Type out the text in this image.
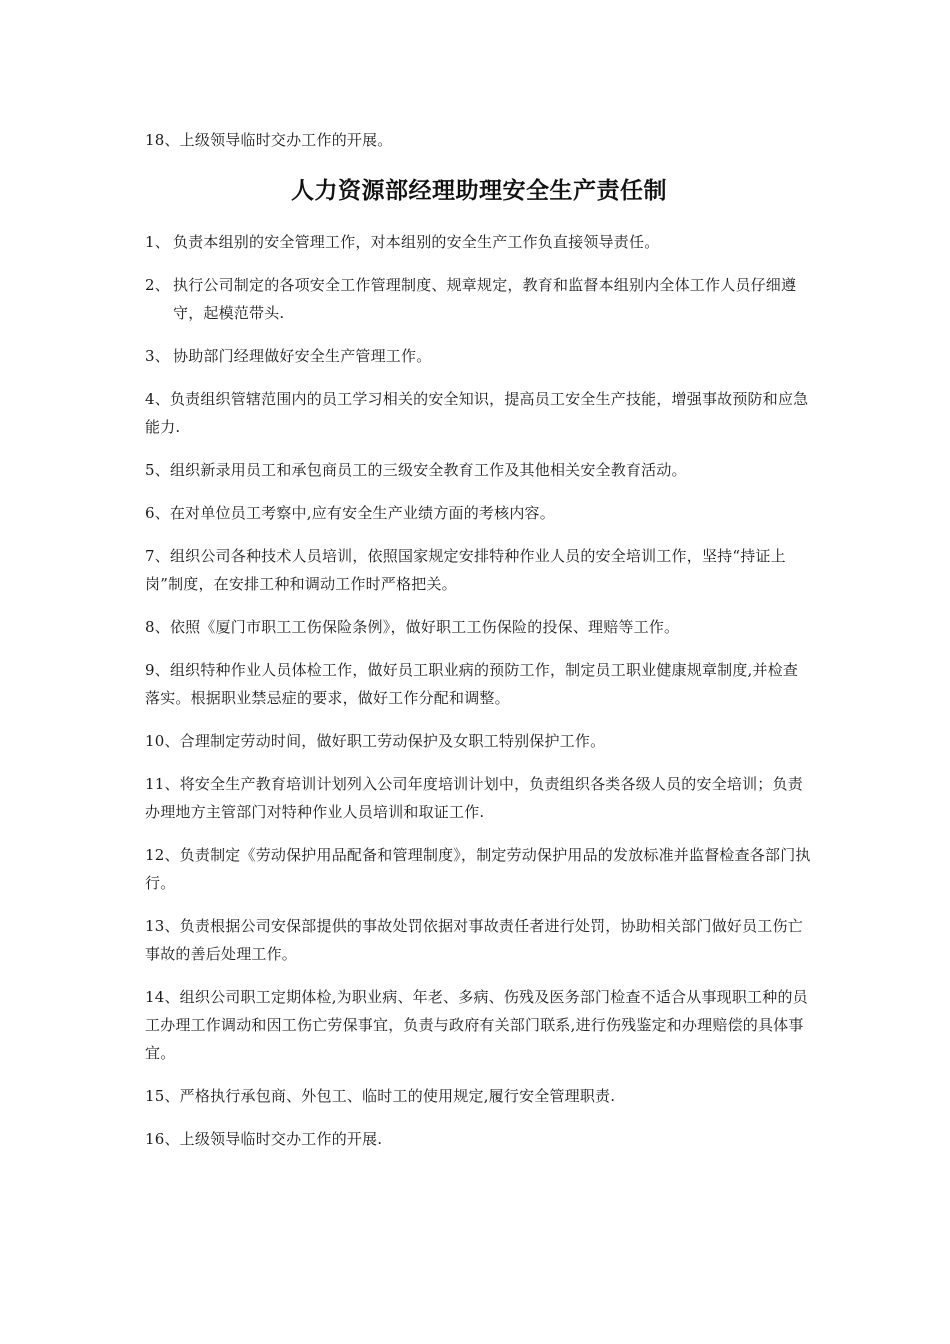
18、上级领导临时交办工作的开展。

人力资源部经理助理安全生产责任制
1、 负责本组别的安全管理工作，对本组别的安全生产工作负直接领导责任。
2、 执行公司制定的各项安全工作管理制度、规章规定，教育和监督本组别内全体工作人员仔细遵守，起模范带头.
3、 协助部门经理做好安全生产管理工作。

4、负责组织管辖范围内的员工学习相关的安全知识，提高员工安全生产技能，增强事故预防和应急能力.

5、组织新录用员工和承包商员工的三级安全教育工作及其他相关安全教育活动。

6、在对单位员工考察中,应有安全生产业绩方面的考核内容。

7、组织公司各种技术人员培训，依照国家规定安排特种作业人员的安全培训工作，坚持“持证上岗”制度，在安排工种和调动工作时严格把关。

8、依照《厦门市职工工伤保险条例》，做好职工工伤保险的投保、理赔等工作。

9、组织特种作业人员体检工作，做好员工职业病的预防工作，制定员工职业健康规章制度,并检查落实。根据职业禁忌症的要求，做好工作分配和调整。

10、合理制定劳动时间，做好职工劳动保护及女职工特别保护工作。

11、将安全生产教育培训计划列入公司年度培训计划中，负责组织各类各级人员的安全培训；负责办理地方主管部门对特种作业人员培训和取证工作.

12、负责制定《劳动保护用品配备和管理制度》，制定劳动保护用品的发放标准并监督检查各部门执行。

13、负责根据公司安保部提供的事故处罚依据对事故责任者进行处罚，协助相关部门做好员工伤亡事故的善后处理工作。

14、组织公司职工定期体检,为职业病、年老、多病、伤残及医务部门检查不适合从事现职工种的员工办理工作调动和因工伤亡劳保事宜，负责与政府有关部门联系,进行伤残鉴定和办理赔偿的具体事宜。

15、严格执行承包商、外包工、临时工的使用规定,履行安全管理职责.

16、上级领导临时交办工作的开展.
